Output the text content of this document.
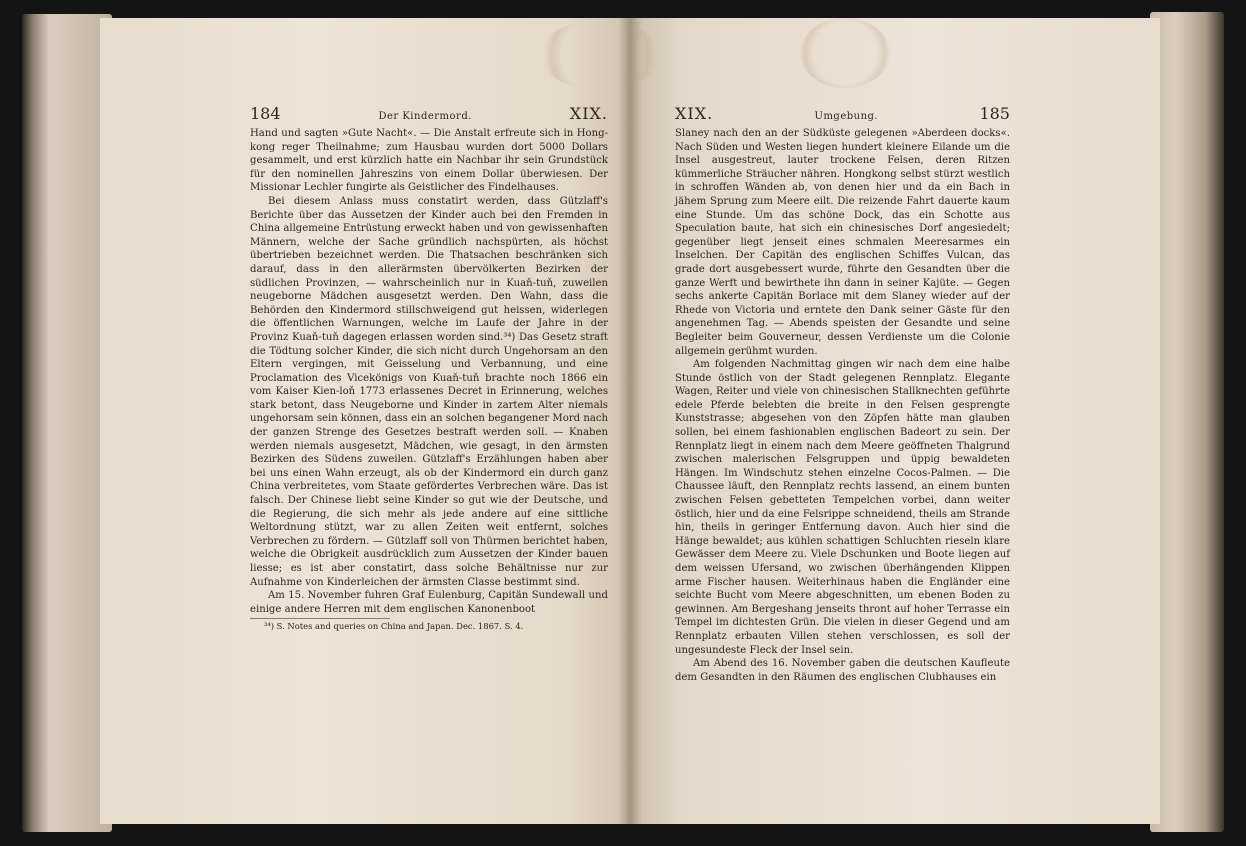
184	Der Kindermord.	XIX.

Hand und sagten »Gute Nacht«. — Die Anstalt erfreute sich in Hong-kong reger Theilnahme; zum Hausbau wurden dort 5000 Dollars gesammelt, und erst kürzlich hatte ein Nachbar ihr sein Grundstück für den nominellen Jahreszins von einem Dollar überwiesen. Der Missionar Lechler fungirte als Geistlicher des Findelhauses.

Bei diesem Anlass muss constatirt werden, dass Gützlaff's Berichte über das Aussetzen der Kinder auch bei den Fremden in China allgemeine Entrüstung erweckt haben und von gewissenhaften Männern, welche der Sache gründlich nachspürten, als höchst übertrieben bezeichnet werden. Die Thatsachen beschränken sich darauf, dass in den allerärmsten übervölkerten Bezirken der südlichen Provinzen, — wahrscheinlich nur in Kuaň-tuň, zuweilen neugeborne Mädchen ausgesetzt werden. Den Wahn, dass die Behörden den Kindermord stillschweigend gut heissen, widerlegen die öffentlichen Warnungen, welche im Laufe der Jahre in der Provinz Kuaň-tuň dagegen erlassen worden sind.³⁴) Das Gesetz straft die Tödtung solcher Kinder, die sich nicht durch Ungehorsam an den Eltern vergingen, mit Geisselung und Verbannung, und eine Proclamation des Vicekönigs von Kuaň-tuň brachte noch 1866 ein vom Kaiser Kien-loň 1773 erlassenes Decret in Erinnerung, welches stark betont, dass Neugeborne und Kinder in zartem Alter niemals ungehorsam sein können, dass ein an solchen begangener Mord nach der ganzen Strenge des Gesetzes bestraft werden soll. — Knaben werden niemals ausgesetzt, Mädchen, wie gesagt, in den ärmsten Bezirken des Südens zuweilen. Gützlaff's Erzählungen haben aber bei uns einen Wahn erzeugt, als ob der Kindermord ein durch ganz China verbreitetes, vom Staate gefördertes Verbrechen wäre. Das ist falsch. Der Chinese liebt seine Kinder so gut wie der Deutsche, und die Regierung, die sich mehr als jede andere auf eine sittliche Weltordnung stützt, war zu allen Zeiten weit entfernt, solches Verbrechen zu fördern. — Gützlaff soll von Thürmen berichtet haben, welche die Obrigkeit ausdrücklich zum Aussetzen der Kinder bauen liesse; es ist aber constatirt, dass solche Behältnisse nur zur Aufnahme von Kinderleichen der ärmsten Classe bestimmt sind.

Am 15. November fuhren Graf Eulenburg, Capitän Sundewall und einige andere Herren mit dem englischen Kanonenboot

³⁴) S. Notes and queries on China and Japan. Dec. 1867. S. 4.
XIX.	Umgebung.	185

Slaney nach den an der Südküste gelegenen »Aberdeen docks«. Nach Süden und Westen liegen hundert kleinere Eilande um die Insel ausgestreut, lauter trockene Felsen, deren Ritzen kümmerliche Sträucher nähren. Hongkong selbst stürzt westlich in schroffen Wänden ab, von denen hier und da ein Bach in jähem Sprung zum Meere eilt. Die reizende Fahrt dauerte kaum eine Stunde. Um das schöne Dock, das ein Schotte aus Speculation baute, hat sich ein chinesisches Dorf angesiedelt; gegenüber liegt jenseit eines schmalen Meeresarmes ein Inselchen. Der Capitän des englischen Schiffes Vulcan, das grade dort ausgebessert wurde, führte den Gesandten über die ganze Werft und bewirthete ihn dann in seiner Kajüte. — Gegen sechs ankerte Capitän Borlace mit dem Slaney wieder auf der Rhede von Victoria und erntete den Dank seiner Gäste für den angenehmen Tag. — Abends speisten der Gesandte und seine Begleiter beim Gouverneur, dessen Verdienste um die Colonie allgemein gerühmt wurden.

Am folgenden Nachmittag gingen wir nach dem eine halbe Stunde östlich von der Stadt gelegenen Rennplatz. Elegante Wagen, Reiter und viele von chinesischen Stallknechten geführte edele Pferde belebten die breite in den Felsen gesprengte Kunststrasse; abgesehen von den Zöpfen hätte man glauben sollen, bei einem fashionablen englischen Badeort zu sein. Der Rennplatz liegt in einem nach dem Meere geöffneten Thalgrund zwischen malerischen Felsgruppen und üppig bewaldeten Hängen. Im Windschutz stehen einzelne Cocos-Palmen. — Die Chaussee läuft, den Rennplatz rechts lassend, an einem bunten zwischen Felsen gebetteten Tempelchen vorbei, dann weiter östlich, hier und da eine Felsrippe schneidend, theils am Strande hin, theils in geringer Entfernung davon. Auch hier sind die Hänge bewaldet; aus kühlen schattigen Schluchten rieseln klare Gewässer dem Meere zu. Viele Dschunken und Boote liegen auf dem weissen Ufersand, wo zwischen überhängenden Klippen arme Fischer hausen. Weiterhinaus haben die Engländer eine seichte Bucht vom Meere abgeschnitten, um ebenen Boden zu gewinnen. Am Bergeshang jenseits thront auf hoher Terrasse ein Tempel im dichtesten Grün. Die vielen in dieser Gegend und am Rennplatz erbauten Villen stehen verschlossen, es soll der ungesundeste Fleck der Insel sein.

Am Abend des 16. November gaben die deutschen Kaufleute dem Gesandten in den Räumen des englischen Clubhauses ein
